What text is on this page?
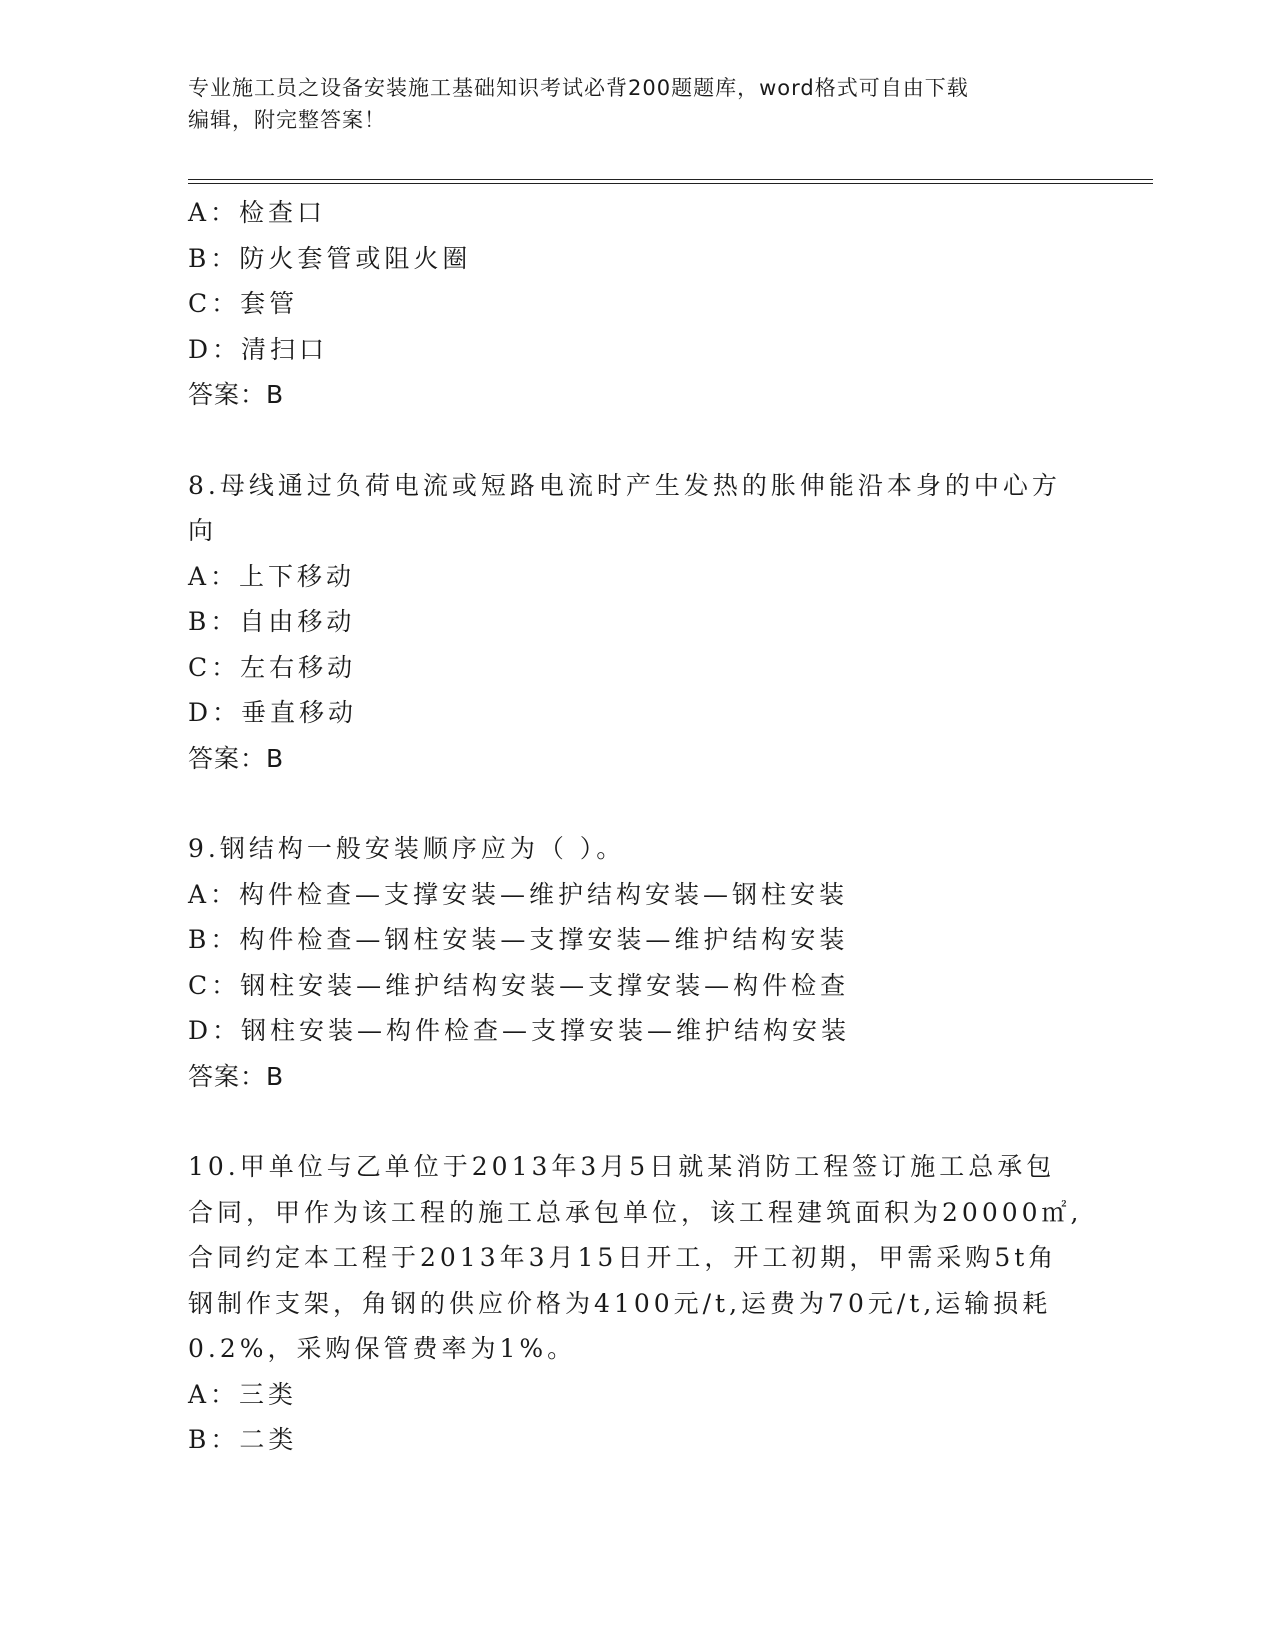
专业施工员之设备安装施工基础知识考试必背200题题库，word格式可自由下载
编辑，附完整答案！
A：检查口
B：防火套管或阻火圈
C：套管
D：清扫口
答案：B
8.母线通过负荷电流或短路电流时产生发热的胀伸能沿本身的中心方
向
A：上下移动
B：自由移动
C：左右移动
D：垂直移动
答案：B
9.钢结构一般安装顺序应为（ ）。
A：构件检查—支撑安装—维护结构安装—钢柱安装
B：构件检查—钢柱安装—支撑安装—维护结构安装
C：钢柱安装—维护结构安装—支撑安装—构件检查
D：钢柱安装—构件检查—支撑安装—维护结构安装
答案：B
10.甲单位与乙单位于2013年3月5日就某消防工程签订施工总承包
合同，甲作为该工程的施工总承包单位，该工程建筑面积为20000㎡,
合同约定本工程于2013年3月15日开工，开工初期，甲需采购5t角
钢制作支架，角钢的供应价格为4100元/t,运费为70元/t,运输损耗
0.2%，采购保管费率为1%。
A：三类
B：二类
